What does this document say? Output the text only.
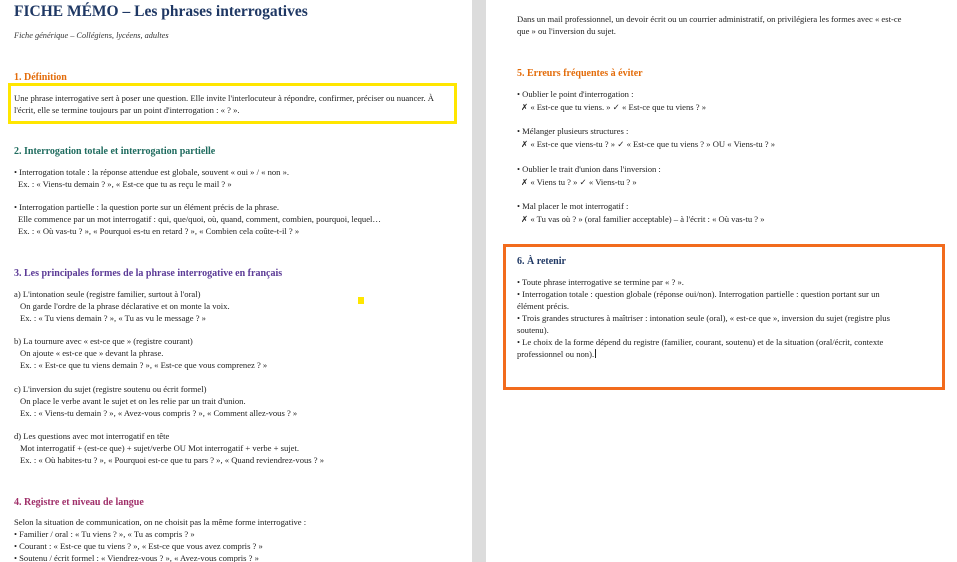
FICHE MÉMO – Les phrases interrogatives
Fiche générique – Collégiens, lycéens, adultes
1. Définition
Une phrase interrogative sert à poser une question. Elle invite l'interlocuteur à répondre, confirmer, préciser ou nuancer. À l'écrit, elle se termine toujours par un point d'interrogation : « ? ».
2. Interrogation totale et interrogation partielle
• Interrogation totale : la réponse attendue est globale, souvent « oui » / « non ».
Ex. : « Viens-tu demain ? », « Est-ce que tu as reçu le mail ? »
• Interrogation partielle : la question porte sur un élément précis de la phrase.
Elle commence par un mot interrogatif : qui, que/quoi, où, quand, comment, combien, pourquoi, lequel…
Ex. : « Où vas-tu ? », « Pourquoi es-tu en retard ? », « Combien cela coûte-t-il ? »
3. Les principales formes de la phrase interrogative en français
a) L'intonation seule (registre familier, surtout à l'oral)
On garde l'ordre de la phrase déclarative et on monte la voix.
Ex. : « Tu viens demain ? », « Tu as vu le message ? »
b) La tournure avec « est-ce que » (registre courant)
On ajoute « est-ce que » devant la phrase.
Ex. : « Est-ce que tu viens demain ? », « Est-ce que vous comprenez ? »
c) L'inversion du sujet (registre soutenu ou écrit formel)
On place le verbe avant le sujet et on les relie par un trait d'union.
Ex. : « Viens-tu demain ? », « Avez-vous compris ? », « Comment allez-vous ? »
d) Les questions avec mot interrogatif en tête
Mot interrogatif + (est-ce que) + sujet/verbe OU Mot interrogatif + verbe + sujet.
Ex. : « Où habites-tu ? », « Pourquoi est-ce que tu pars ? », « Quand reviendrez-vous ? »
4. Registre et niveau de langue
Selon la situation de communication, on ne choisit pas la même forme interrogative :
• Familier / oral : « Tu viens ? », « Tu as compris ? »
• Courant : « Est-ce que tu viens ? », « Est-ce que vous avez compris ? »
• Soutenu / écrit formel : « Viendrez-vous ? », « Avez-vous compris ? »
Dans un mail professionnel, un devoir écrit ou un courrier administratif, on privilégiera les formes avec « est-ce
que » ou l'inversion du sujet.
5. Erreurs fréquentes à éviter
• Oublier le point d'interrogation :
✗ « Est-ce que tu viens. » ✓ « Est-ce que tu viens ? »
• Mélanger plusieurs structures :
✗ « Est-ce que viens-tu ? » ✓ « Est-ce que tu viens ? » OU « Viens-tu ? »
• Oublier le trait d'union dans l'inversion :
✗ « Viens tu ? » ✓ « Viens-tu ? »
• Mal placer le mot interrogatif :
✗ « Tu vas où ? » (oral familier acceptable) – à l'écrit : « Où vas-tu ? »
6. À retenir
• Toute phrase interrogative se termine par « ? ».
• Interrogation totale : question globale (réponse oui/non). Interrogation partielle : question portant sur un
élément précis.
• Trois grandes structures à maîtriser : intonation seule (oral), « est-ce que », inversion du sujet (registre plus
soutenu).
• Le choix de la forme dépend du registre (familier, courant, soutenu) et de la situation (oral/écrit, contexte
professionnel ou non).
